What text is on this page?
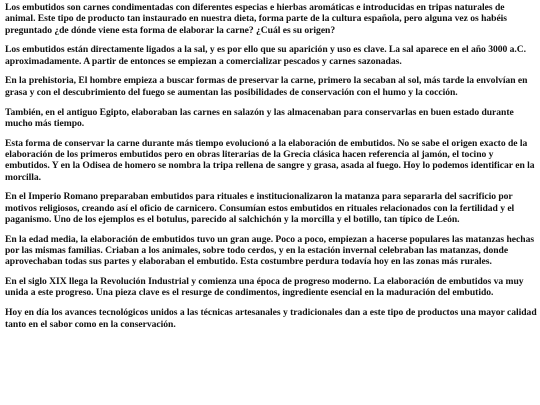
Los embutidos son carnes condimentadas con diferentes especias e hierbas aromáticas e introducidas en tripas naturales de animal. Este tipo de producto tan instaurado en nuestra dieta, forma parte de la cultura española, pero alguna vez os habéis preguntado ¿de dónde viene esta forma de elaborar la carne? ¿Cuál es su origen?

Los embutidos están directamente ligados a la sal, y es por ello que su aparición y uso es clave. La sal aparece en el año 3000 a.C. aproximadamente. A partir de entonces se empiezan a comercializar pescados y carnes sazonadas.

En la prehistoria, El hombre empieza a buscar formas de preservar la carne, primero la secaban al sol, más tarde la envolvían en grasa y con el descubrimiento del fuego se aumentan las posibilidades de conservación con el humo y la cocción.

También, en el antiguo Egipto, elaboraban las carnes en salazón y las almacenaban para conservarlas en buen estado durante mucho más tiempo.

Esta forma de conservar la carne durante más tiempo evolucionó a la elaboración de embutidos. No se sabe el origen exacto de la elaboración de los primeros embutidos pero en obras literarias de la Grecia clásica hacen referencia al jamón, el tocino y embutidos. Y en la Odisea de homero se nombra la tripa rellena de sangre y grasa, asada al fuego. Hoy lo podemos identificar en la morcilla.

En el Imperio Romano preparaban embutidos para rituales e institucionalizaron la matanza para separarla del sacrificio por motivos religiosos, creando así el oficio de carnicero. Consumían estos embutidos en rituales relacionados con la fertilidad y el paganismo. Uno de los ejemplos es el botulus, parecido al salchichón y la morcilla y el botillo, tan típico de León.

En la edad media, la elaboración de embutidos tuvo un gran auge. Poco a poco, empiezan a hacerse populares las matanzas hechas por las mismas familias. Criaban a los animales, sobre todo cerdos, y en la estación invernal celebraban las matanzas, donde aprovechaban todas sus partes y elaboraban el embutido. Esta costumbre perdura todavía hoy en las zonas más rurales.

En el siglo XIX llega la Revolución Industrial y comienza una época de progreso moderno. La elaboración de embutidos va muy unida a este progreso. Una pieza clave es el resurge de condimentos, ingrediente esencial en la maduración del embutido.

Hoy en día los avances tecnológicos unidos a las técnicas artesanales y tradicionales dan a este tipo de productos una mayor calidad tanto en el sabor como en la conservación.
